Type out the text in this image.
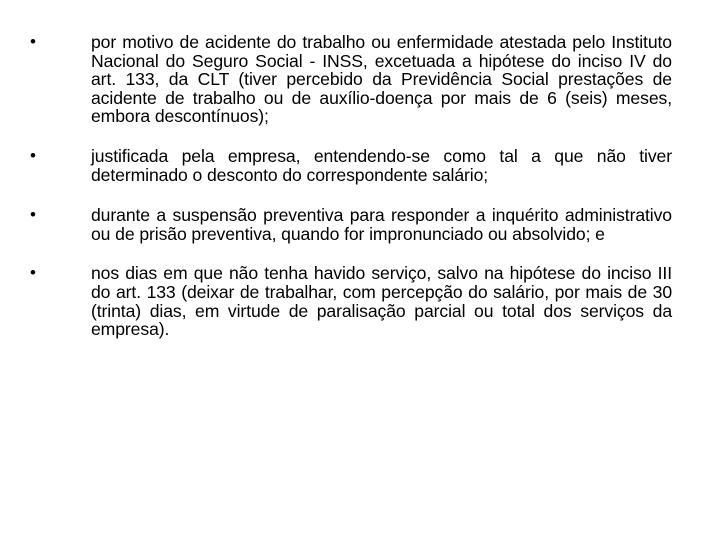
•	por motivo de acidente do trabalho ou enfermidade atestada pelo Instituto Nacional do Seguro Social - INSS, excetuada a hipótese do inciso IV do art. 133, da CLT (tiver percebido da Previdência Social prestações de acidente de trabalho ou de auxílio-doença por mais de 6 (seis) meses, embora descontínuos);
•	justificada pela empresa, entendendo-se como tal a que não tiver determinado o desconto do correspondente salário;
•	durante a suspensão preventiva para responder a inquérito administrativo ou de prisão preventiva, quando for impronunciado ou absolvido; e
•	nos dias em que não tenha havido serviço, salvo na hipótese do inciso III do art. 133 (deixar de trabalhar, com percepção do salário, por mais de 30 (trinta) dias, em virtude de paralisação parcial ou total dos serviços da empresa).
